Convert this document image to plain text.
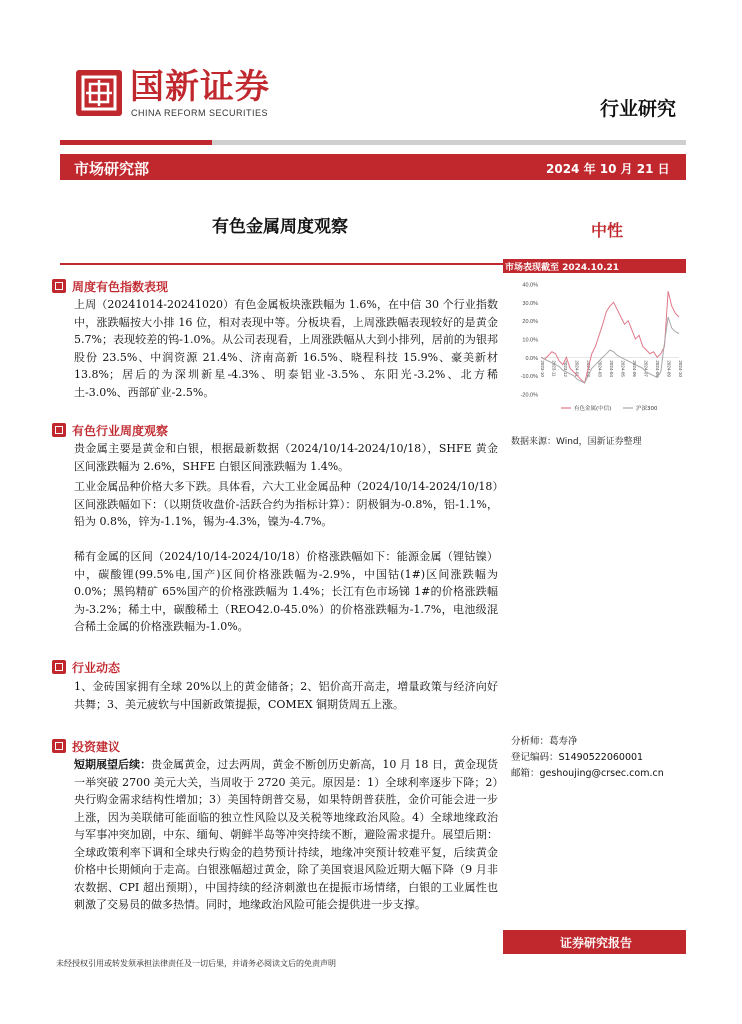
国新证券
CHINA REFORM SECURITIES	行业研究
市场研究部	2024 年 10 月 21 日
有色金属周度观察	中性
周度有色指数表现
上周（20241014-20241020）有色金属板块涨跌幅为 1.6%，在中信 30 个行业指数中，涨跌幅按大小排 16 位，相对表现中等。分板块看，上周涨跌幅表现较好的是黄金 5.7%；表现较差的钨-1.0%。从公司表现看，上周涨跌幅从大到小排列，居前的为银邦股份 23.5%、中润资源 21.4%、济南高新 16.5%、晓程科技 15.9%、豪美新材 13.8%；居后的为深圳新星-4.3%、明泰铝业-3.5%、东阳光-3.2%、北方稀土-3.0%、西部矿业-2.5%。
有色行业周度观察
贵金属主要是黄金和白银，根据最新数据（2024/10/14-2024/10/18），SHFE 黄金区间涨跌幅为 2.6%，SHFE 白银区间涨跌幅为 1.4%。
工业金属品种价格大多下跌。具体看，六大工业金属品种（2024/10/14-2024/10/18）区间涨跌幅如下：（以期货收盘价-活跃合约为指标计算）：阴极铜为-0.8%，铝-1.1%，铅为 0.8%，锌为-1.1%，锡为-4.3%，镍为-4.7%。
稀有金属的区间（2024/10/14-2024/10/18）价格涨跌幅如下：能源金属（锂钴镍）中，碳酸锂(99.5%电,国产)区间价格涨跌幅为-2.9%，中国钴(1#)区间涨跌幅为 0.0%；黑钨精矿 65%国产的价格涨跌幅为 1.4%；长江有色市场锑 1#的价格涨跌幅为-3.2%；稀土中，碳酸稀土（REO42.0-45.0%）的价格涨跌幅为-1.7%，电池级混合稀土金属的价格涨跌幅为-1.0%。
行业动态
1、金砖国家拥有全球 20%以上的黄金储备；2、铝价高开高走，增量政策与经济向好共舞；3、美元疲软与中国新政策提振，COMEX 铜期货周五上涨。
投资建议
短期展望后续：贵金属黄金，过去两周，黄金不断创历史新高，10 月 18 日，黄金现货一举突破 2700 美元大关，当周收于 2720 美元。原因是：1）全球利率逐步下降；2）央行购金需求结构性增加；3）美国特朗普交易，如果特朗普获胜，金价可能会进一步上涨，因为美联储可能面临的独立性风险以及关税等地缘政治风险。4）全球地缘政治与军事冲突加剧，中东、缅甸、朝鲜半岛等冲突持续不断，避险需求提升。展望后期：全球政策利率下调和全球央行购金的趋势预计持续，地缘冲突预计较难平复，后续黄金价格中长期倾向于走高。白银涨幅超过黄金，除了美国衰退风险近期大幅下降（9 月非农数据、CPI 超出预期），中国持续的经济刺激也在提振市场情绪，白银的工业属性也刺激了交易员的做多热情。同时，地缘政治风险可能会提供进一步支撑。
市场表现截至 2024.10.21
40.0%
30.0%
20.0%
10.0%
0.0%
-10.0%
-20.0%
2023-10 2023-11 2023-12 2024-01 2024-02 2024-03 2024-04 2024-05 2024-06 2024-07 2024-08 2024-09 2024-10
有色金属(中信)	沪深300
数据来源：Wind，国新证券整理
分析师：葛寿净
登记编码：S1490522060001
邮箱：geshoujing@crsec.com.cn
证券研究报告
未经授权引用或转发须承担法律责任及一切后果，并请务必阅读文后的免责声明
